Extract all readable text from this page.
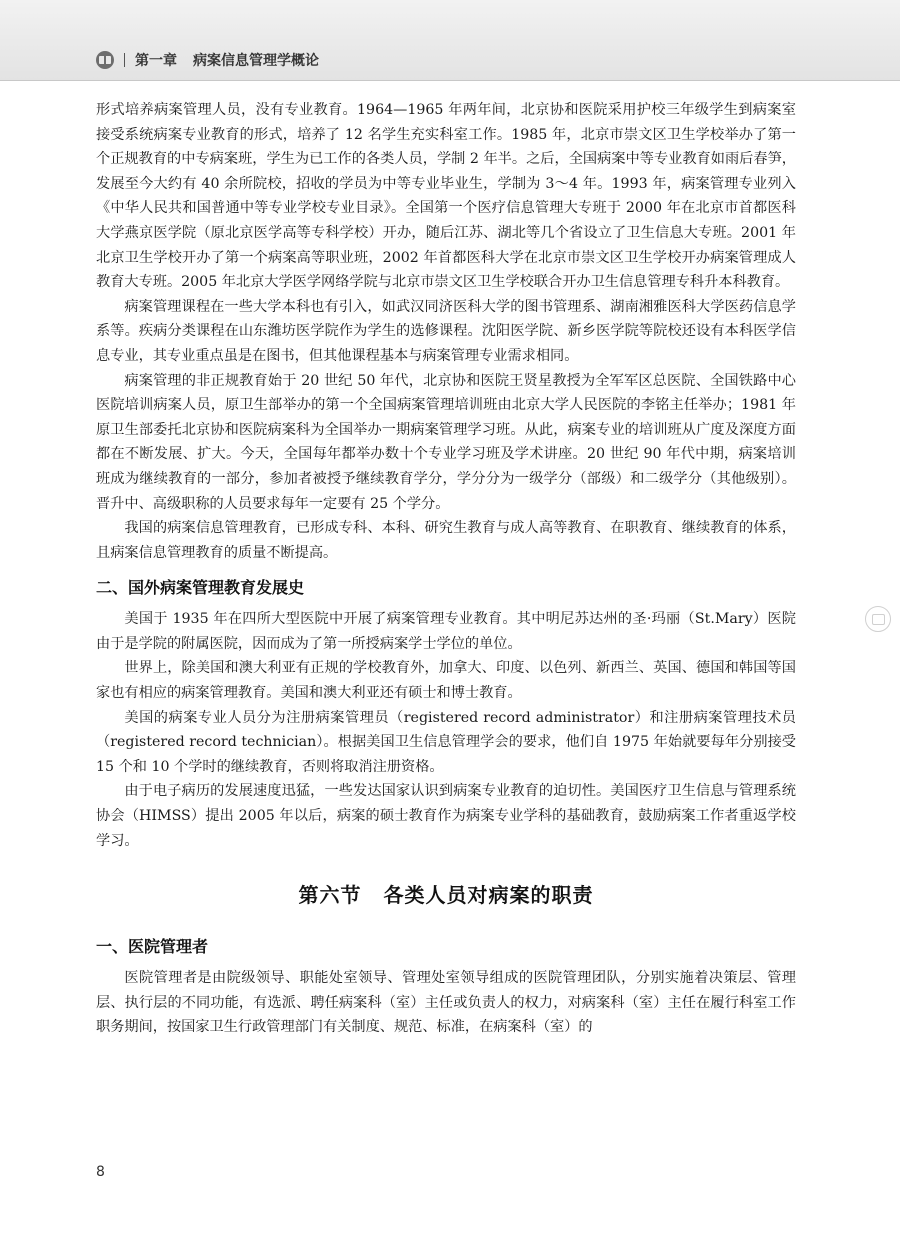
第一章 病案信息管理学概论

形式培养病案管理人员，没有专业教育。1964—1965 年两年间，北京协和医院采用护校三年级学生到病案室接受系统病案专业教育的形式，培养了 12 名学生充实科室工作。1985 年，北京市崇文区卫生学校举办了第一个正规教育的中专病案班，学生为已工作的各类人员，学制 2 年半。之后，全国病案中等专业教育如雨后春笋，发展至今大约有 40 余所院校，招收的学员为中等专业毕业生，学制为 3～4 年。1993 年，病案管理专业列入《中华人民共和国普通中等专业学校专业目录》。全国第一个医疗信息管理大专班于 2000 年在北京市首都医科大学燕京医学院（原北京医学高等专科学校）开办，随后江苏、湖北等几个省设立了卫生信息大专班。2001 年北京卫生学校开办了第一个病案高等职业班，2002 年首都医科大学在北京市崇文区卫生学校开办病案管理成人教育大专班。2005 年北京大学医学网络学院与北京市崇文区卫生学校联合开办卫生信息管理专科升本科教育。

病案管理课程在一些大学本科也有引入，如武汉同济医科大学的图书管理系、湖南湘雅医科大学医药信息学系等。疾病分类课程在山东潍坊医学院作为学生的选修课程。沈阳医学院、新乡医学院等院校还设有本科医学信息专业，其专业重点虽是在图书，但其他课程基本与病案管理专业需求相同。

病案管理的非正规教育始于 20 世纪 50 年代，北京协和医院王贤星教授为全军军区总医院、全国铁路中心医院培训病案人员，原卫生部举办的第一个全国病案管理培训班由北京大学人民医院的李铭主任举办；1981 年原卫生部委托北京协和医院病案科为全国举办一期病案管理学习班。从此，病案专业的培训班从广度及深度方面都在不断发展、扩大。今天，全国每年都举办数十个专业学习班及学术讲座。20 世纪 90 年代中期，病案培训班成为继续教育的一部分，参加者被授予继续教育学分，学分分为一级学分（部级）和二级学分（其他级别）。晋升中、高级职称的人员要求每年一定要有 25 个学分。

我国的病案信息管理教育，已形成专科、本科、研究生教育与成人高等教育、在职教育、继续教育的体系，且病案信息管理教育的质量不断提高。

二、国外病案管理教育发展史

美国于 1935 年在四所大型医院中开展了病案管理专业教育。其中明尼苏达州的圣·玛丽（St.Mary）医院由于是学院的附属医院，因而成为了第一所授病案学士学位的单位。

世界上，除美国和澳大利亚有正规的学校教育外，加拿大、印度、以色列、新西兰、英国、德国和韩国等国家也有相应的病案管理教育。美国和澳大利亚还有硕士和博士教育。

美国的病案专业人员分为注册病案管理员（registered record administrator）和注册病案管理技术员（registered record technician）。根据美国卫生信息管理学会的要求，他们自 1975 年始就要每年分别接受 15 个和 10 个学时的继续教育，否则将取消注册资格。

由于电子病历的发展速度迅猛，一些发达国家认识到病案专业教育的迫切性。美国医疗卫生信息与管理系统协会（HIMSS）提出 2005 年以后，病案的硕士教育作为病案专业学科的基础教育，鼓励病案工作者重返学校学习。

第六节 各类人员对病案的职责
一、医院管理者

医院管理者是由院级领导、职能处室领导、管理处室领导组成的医院管理团队，分别实施着决策层、管理层、执行层的不同功能，有选派、聘任病案科（室）主任或负责人的权力，对病案科（室）主任在履行科室工作职务期间，按国家卫生行政管理部门有关制度、规范、标准，在病案科（室）的

8
